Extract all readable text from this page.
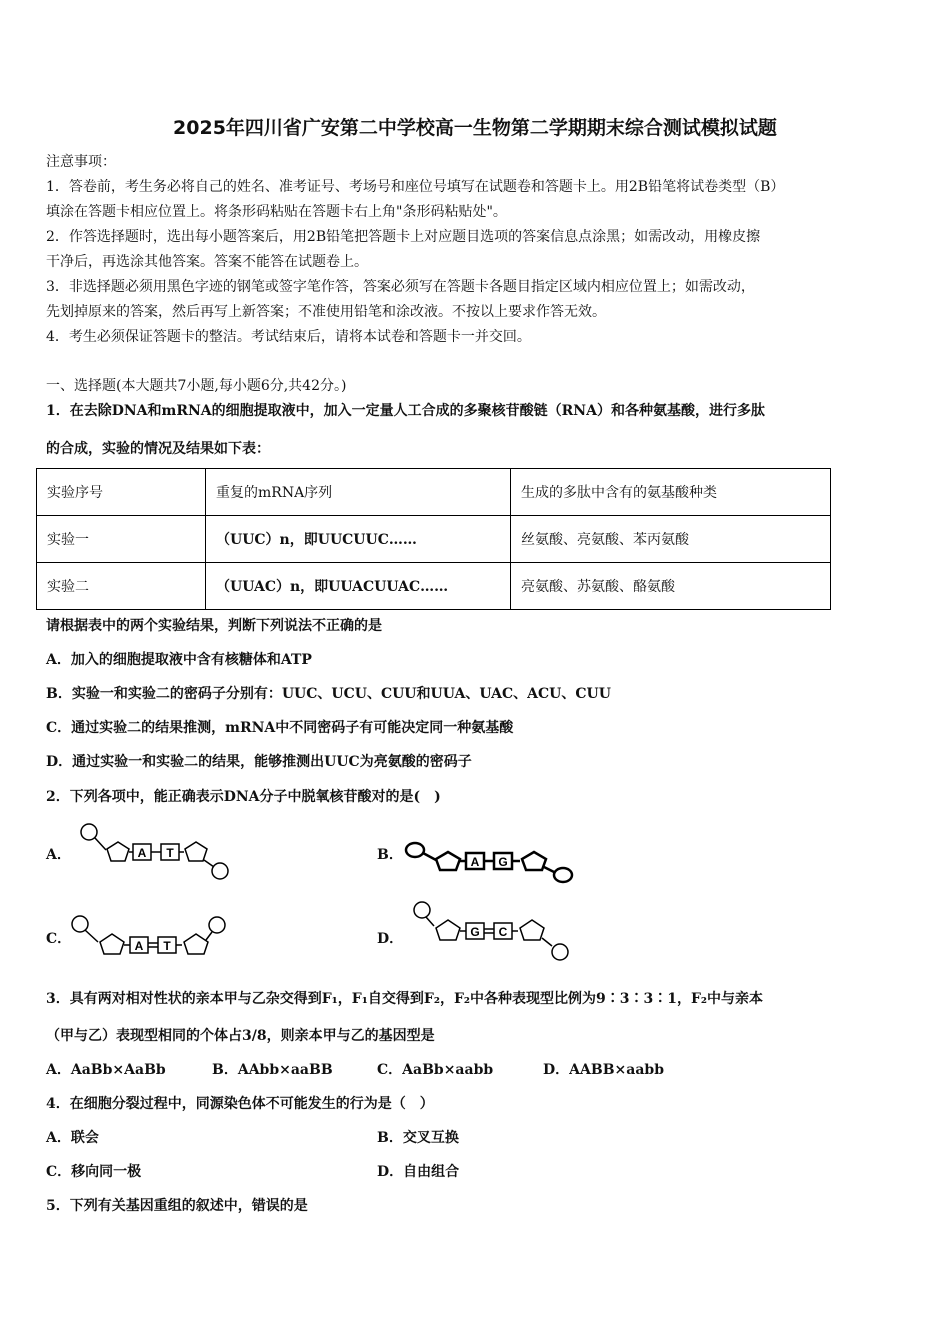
2025年四川省广安第二中学校高一生物第二学期期末综合测试模拟试题
注意事项：
1．答卷前，考生务必将自己的姓名、准考证号、考场号和座位号填写在试题卷和答题卡上。用2B铅笔将试卷类型（B）
填涂在答题卡相应位置上。将条形码粘贴在答题卡右上角"条形码粘贴处"。
2．作答选择题时，选出每小题答案后，用2B铅笔把答题卡上对应题目选项的答案信息点涂黑；如需改动，用橡皮擦
干净后，再选涂其他答案。答案不能答在试题卷上。
3．非选择题必须用黑色字迹的钢笔或签字笔作答，答案必须写在答题卡各题目指定区域内相应位置上；如需改动，
先划掉原来的答案，然后再写上新答案；不准使用铅笔和涂改液。不按以上要求作答无效。
4．考生必须保证答题卡的整洁。考试结束后，请将本试卷和答题卡一并交回。
一、选择题(本大题共7小题,每小题6分,共42分。)
1．在去除DNA和mRNA的细胞提取液中，加入一定量人工合成的多聚核苷酸链（RNA）和各种氨基酸，进行多肽
的合成，实验的情况及结果如下表：
实验序号	重复的mRNA序列	生成的多肽中含有的氨基酸种类
实验一	（UUC）n，即UUCUUC……	丝氨酸、亮氨酸、苯丙氨酸
实验二	（UUAC）n，即UUACUUAC……	亮氨酸、苏氨酸、酪氨酸
请根据表中的两个实验结果，判断下列说法不正确的是
A．加入的细胞提取液中含有核糖体和ATP
B．实验一和实验二的密码子分别有：UUC、UCU、CUU和UUA、UAC、ACU、CUU
C．通过实验二的结果推测，mRNA中不同密码子有可能决定同一种氨基酸
D．通过实验一和实验二的结果，能够推测出UUC为亮氨酸的密码子
2．下列各项中，能正确表示DNA分子中脱氧核苷酸对的是(　)
A．	A T	B．	A G
C．	A T	D．	G C
3．具有两对相对性状的亲本甲与乙杂交得到F₁，F₁自交得到F₂，F₂中各种表现型比例为9∶3∶3∶1，F₂中与亲本
（甲与乙）表现型相同的个体占3/8，则亲本甲与乙的基因型是
A．AaBb×AaBb	B．AAbb×aaBB	C．AaBb×aabb	D．AABB×aabb
4．在细胞分裂过程中，同源染色体不可能发生的行为是（　）
A．联会	B．交叉互换
C．移向同一极	D．自由组合
5．下列有关基因重组的叙述中，错误的是
